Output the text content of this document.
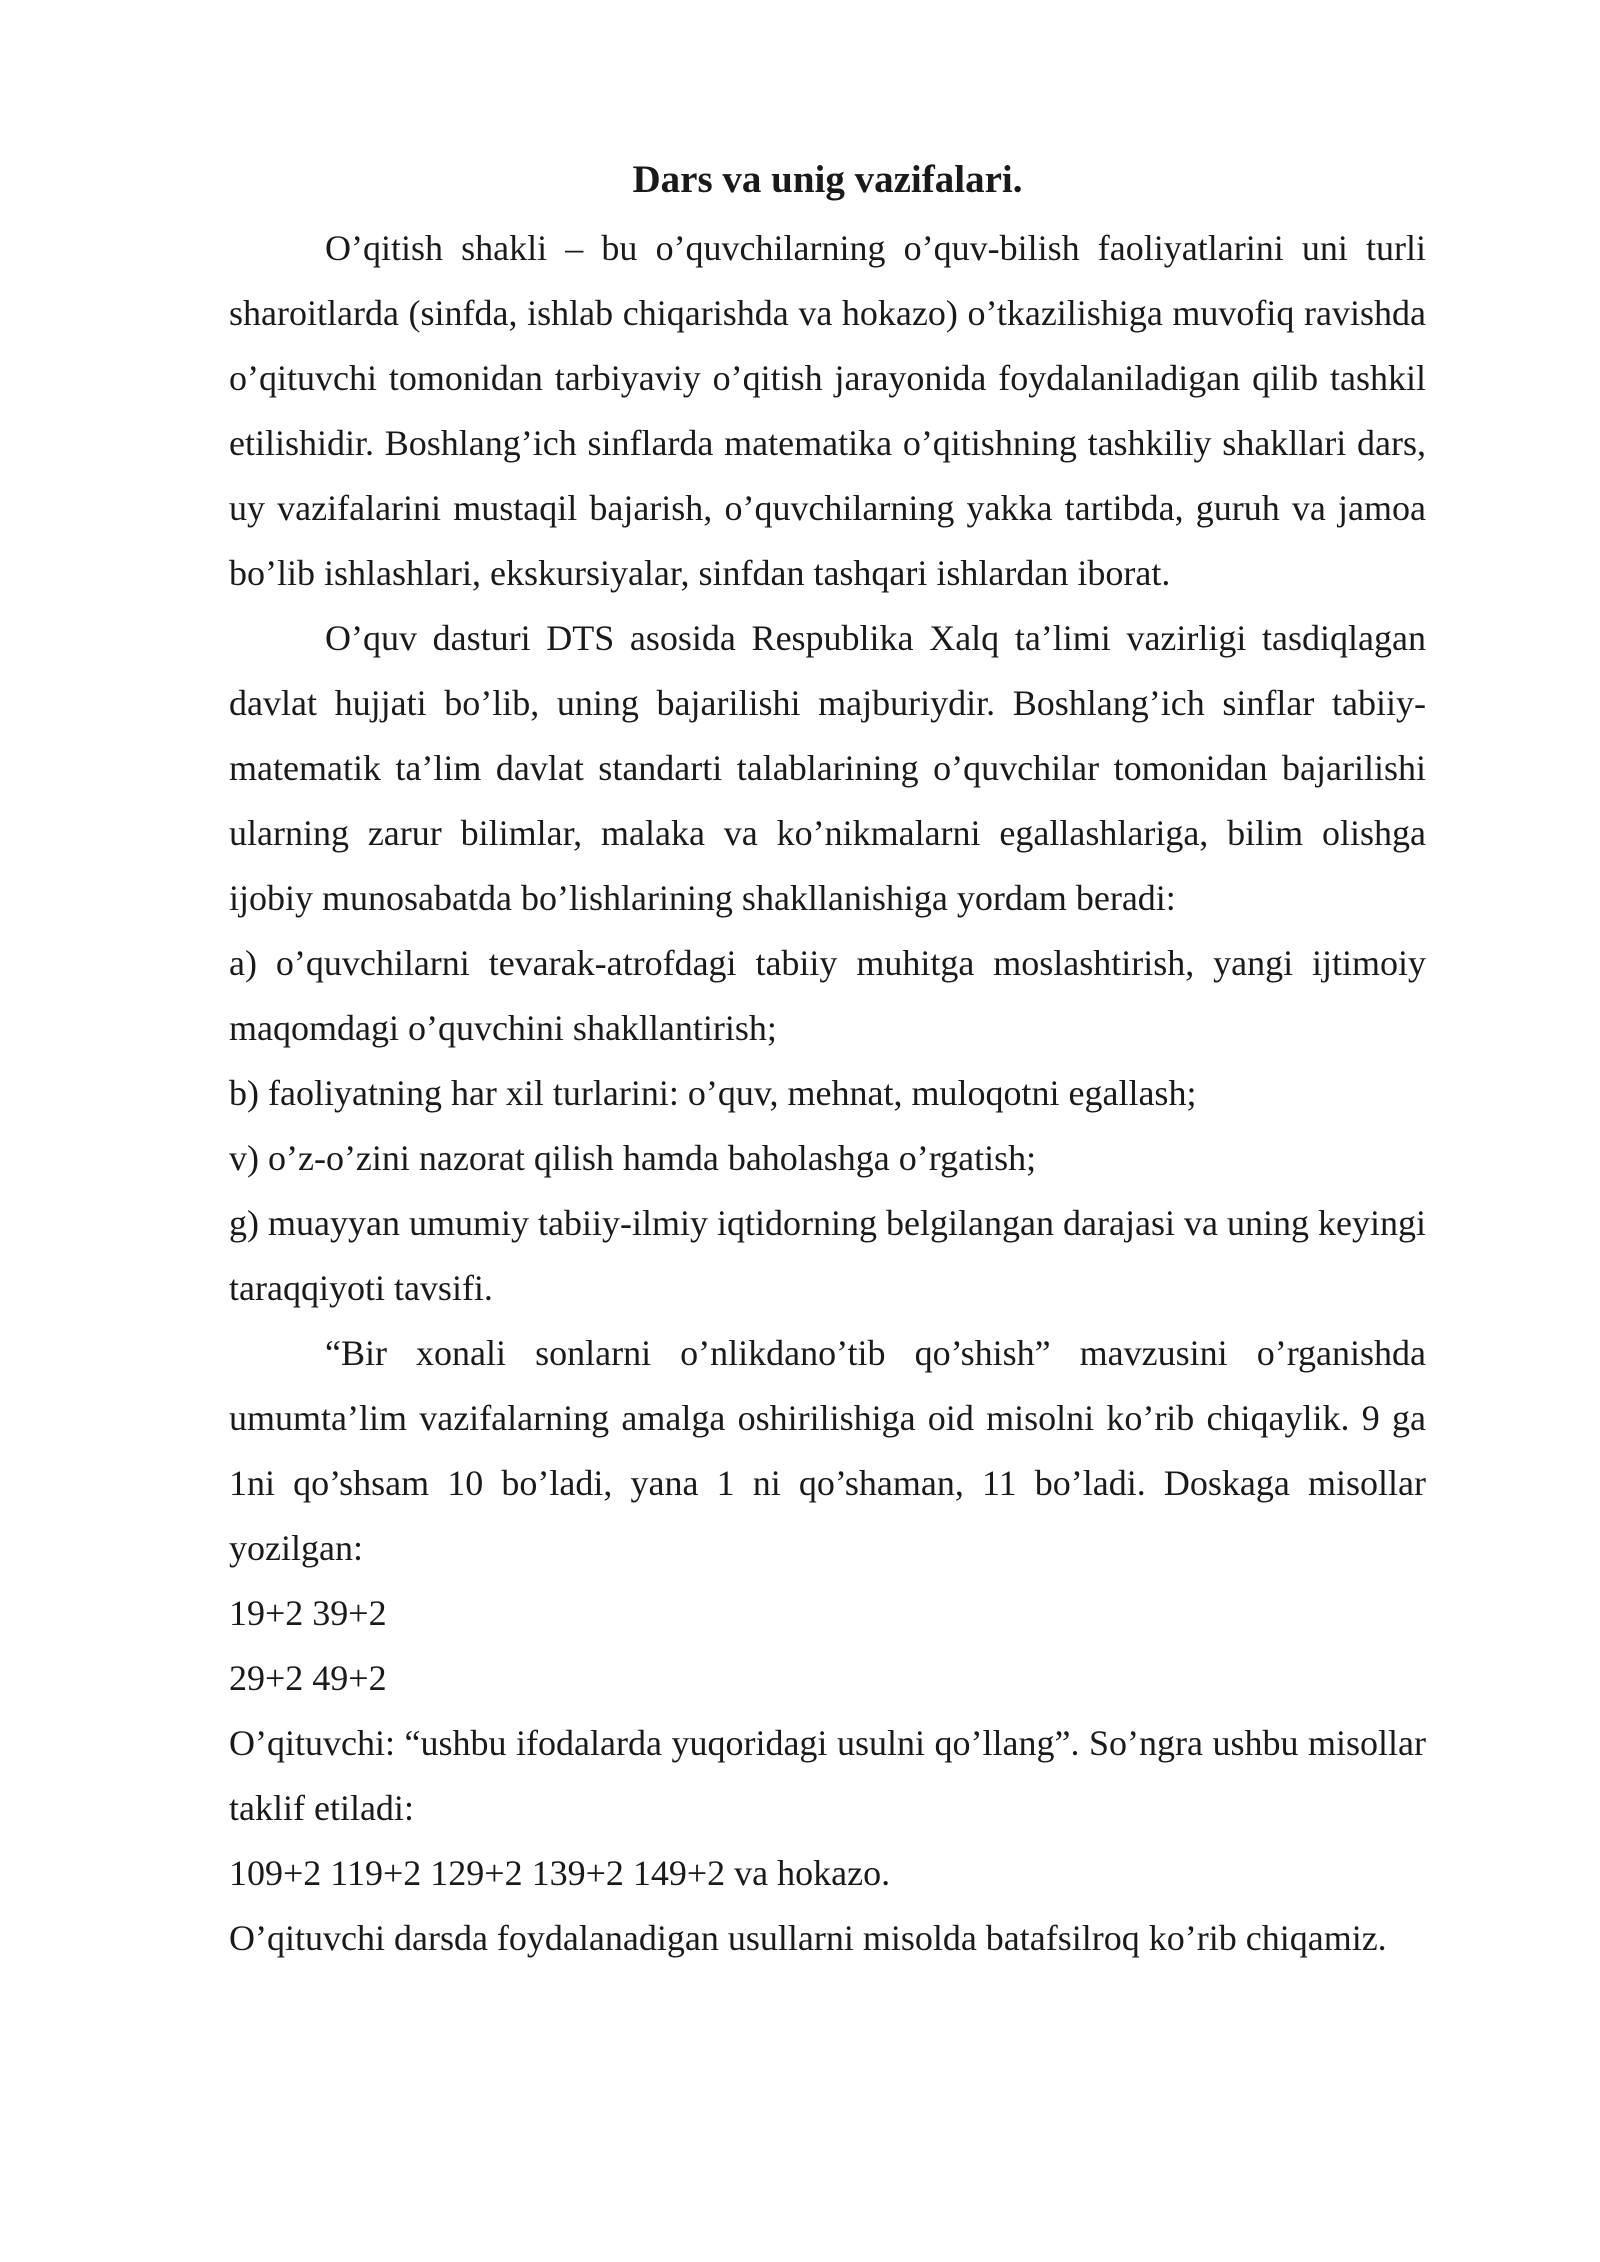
Dars va unig vazifalari.

O’qitish shakli – bu o’quvchilarning o’quv-bilish faoliyatlarini uni turli sharoitlarda (sinfda, ishlab chiqarishda va hokazo) o’tkazilishiga muvofiq ravishda o’qituvchi tomonidan tarbiyaviy o’qitish jarayonida foydalaniladigan qilib tashkil etilishidir. Boshlang’ich sinflarda matematika o’qitishning tashkiliy shakllari dars, uy vazifalarini mustaqil bajarish, o’quvchilarning yakka tartibda, guruh va jamoa bo’lib ishlashlari, ekskursiyalar, sinfdan tashqari ishlardan iborat.

O’quv dasturi DTS asosida Respublika Xalq ta’limi vazirligi tasdiqlagan davlat hujjati bo’lib, uning bajarilishi majburiydir. Boshlang’ich sinflar tabiiy-matematik ta’lim davlat standarti talablarining o’quvchilar tomonidan bajarilishi ularning zarur bilimlar, malaka va ko’nikmalarni egallashlariga, bilim olishga ijobiy munosabatda bo’lishlarining shakllanishiga yordam beradi:

a) o’quvchilarni tevarak-atrofdagi tabiiy muhitga moslashtirish, yangi ijtimoiy maqomdagi o’quvchini shakllantirish;

b) faoliyatning har xil turlarini: o’quv, mehnat, muloqotni egallash;

v) o’z-o’zini nazorat qilish hamda baholashga o’rgatish;

g) muayyan umumiy tabiiy-ilmiy iqtidorning belgilangan darajasi va uning keyingi taraqqiyoti tavsifi.

“Bir xonali sonlarni o’nlikdano’tib qo’shish” mavzusini o’rganishda umumta’lim vazifalarning amalga oshirilishiga oid misolni ko’rib chiqaylik. 9 ga 1ni qo’shsam 10 bo’ladi, yana 1 ni qo’shaman, 11 bo’ladi. Doskaga misollar yozilgan:

19+2 39+2

29+2 49+2

O’qituvchi: “ushbu ifodalarda yuqoridagi usulni qo’llang”. So’ngra ushbu misollar taklif etiladi:

109+2 119+2 129+2 139+2 149+2 va hokazo.

O’qituvchi darsda foydalanadigan usullarni misolda batafsilroq ko’rib chiqamiz.
